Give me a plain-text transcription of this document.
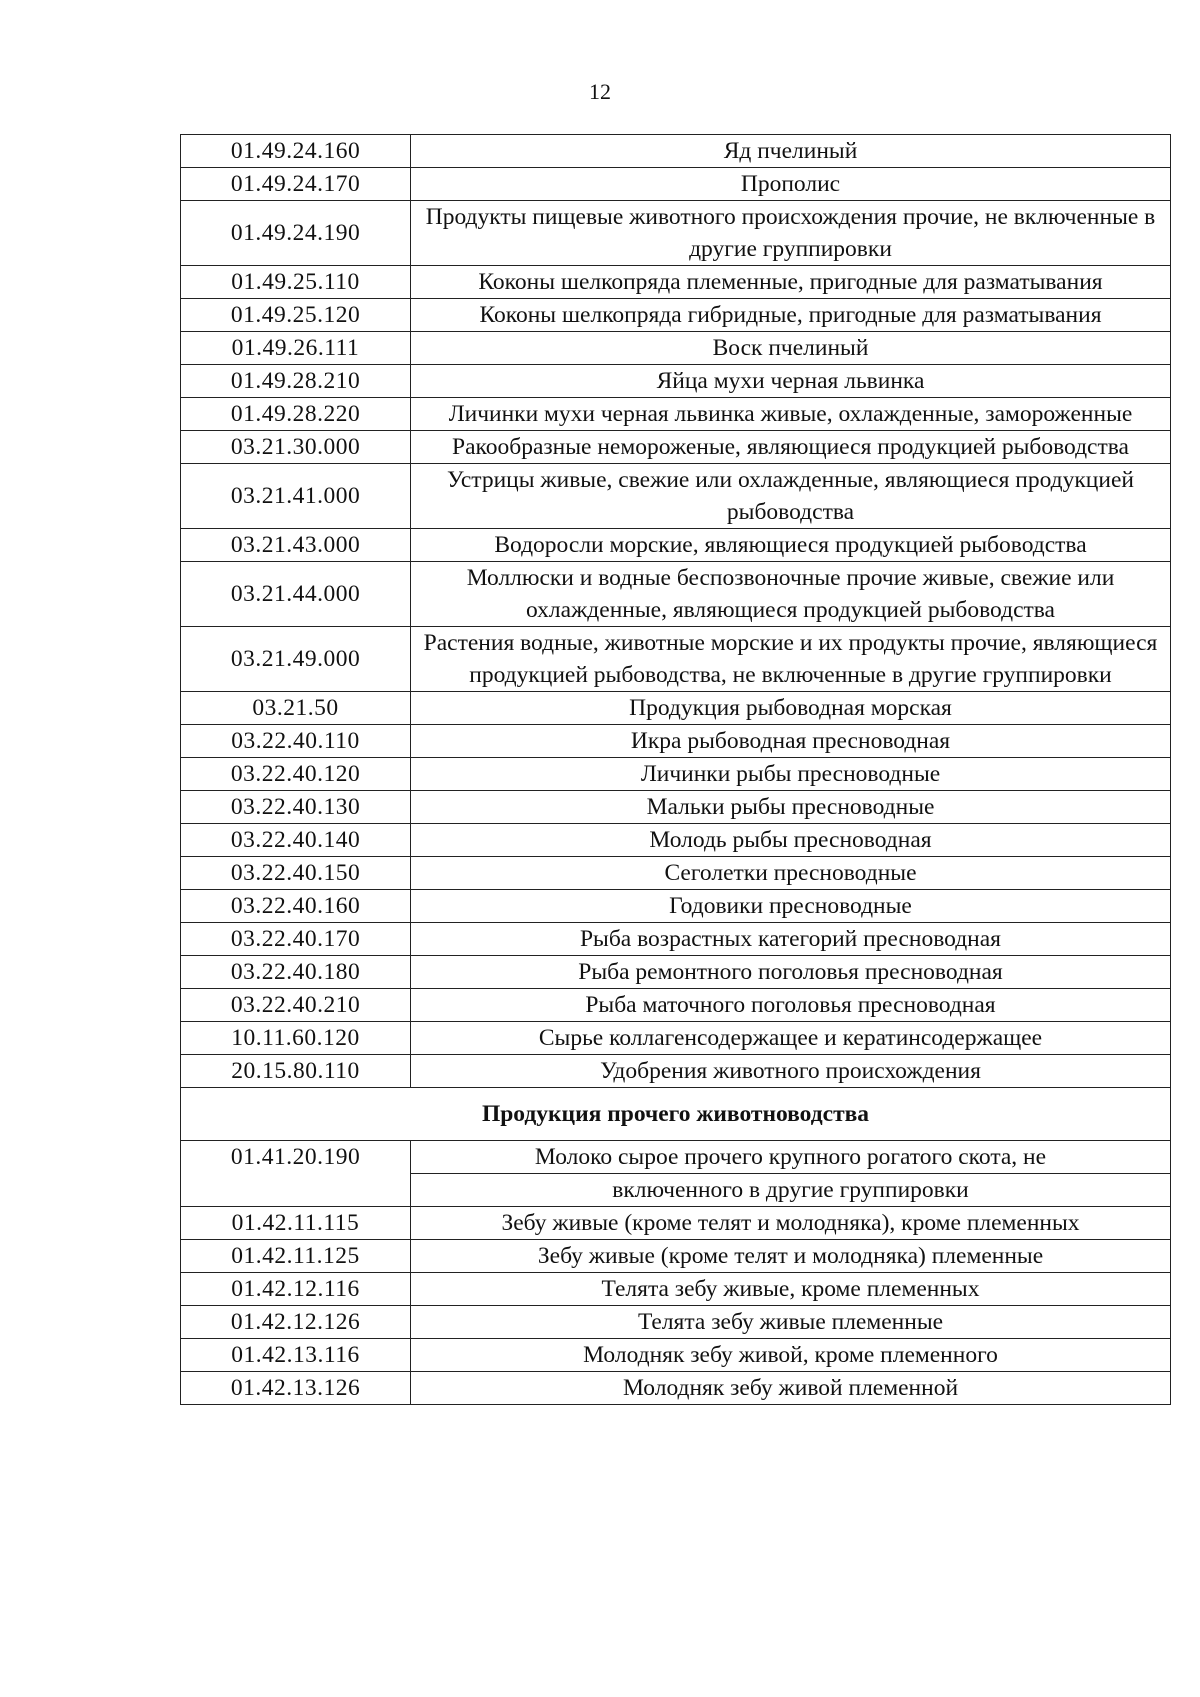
12
01.49.24.160	Яд пчелиный
01.49.24.170	Прополис
01.49.24.190	Продукты пищевые животного происхождения прочие, не включенные в другие группировки
01.49.25.110	Коконы шелкопряда племенные, пригодные для разматывания
01.49.25.120	Коконы шелкопряда гибридные, пригодные для разматывания
01.49.26.111	Воск пчелиный
01.49.28.210	Яйца мухи черная львинка
01.49.28.220	Личинки мухи черная львинка живые, охлажденные, замороженные
03.21.30.000	Ракообразные немороженые, являющиеся продукцией рыбоводства
03.21.41.000	Устрицы живые, свежие или охлажденные, являющиеся продукцией рыбоводства
03.21.43.000	Водоросли морские, являющиеся продукцией рыбоводства
03.21.44.000	Моллюски и водные беспозвоночные прочие живые, свежие или охлажденные, являющиеся продукцией рыбоводства
03.21.49.000	Растения водные, животные морские и их продукты прочие, являющиеся продукцией рыбоводства, не включенные в другие группировки
03.21.50	Продукция рыбоводная морская
03.22.40.110	Икра рыбоводная пресноводная
03.22.40.120	Личинки рыбы пресноводные
03.22.40.130	Мальки рыбы пресноводные
03.22.40.140	Молодь рыбы пресноводная
03.22.40.150	Сеголетки пресноводные
03.22.40.160	Годовики пресноводные
03.22.40.170	Рыба возрастных категорий пресноводная
03.22.40.180	Рыба ремонтного поголовья пресноводная
03.22.40.210	Рыба маточного поголовья пресноводная
10.11.60.120	Сырье коллагенсодержащее и кератинсодержащее
20.15.80.110	Удобрения животного происхождения
Продукция прочего животноводства	
01.41.20.190	Молоко сырое прочего крупного рогатого скота, не
	включенного в другие группировки
01.42.11.115	Зебу живые (кроме телят и молодняка), кроме племенных
01.42.11.125	Зебу живые (кроме телят и молодняка) племенные
01.42.12.116	Телята зебу живые, кроме племенных
01.42.12.126	Телята зебу живые племенные
01.42.13.116	Молодняк зебу живой, кроме племенного
01.42.13.126	Молодняк зебу живой племенной
